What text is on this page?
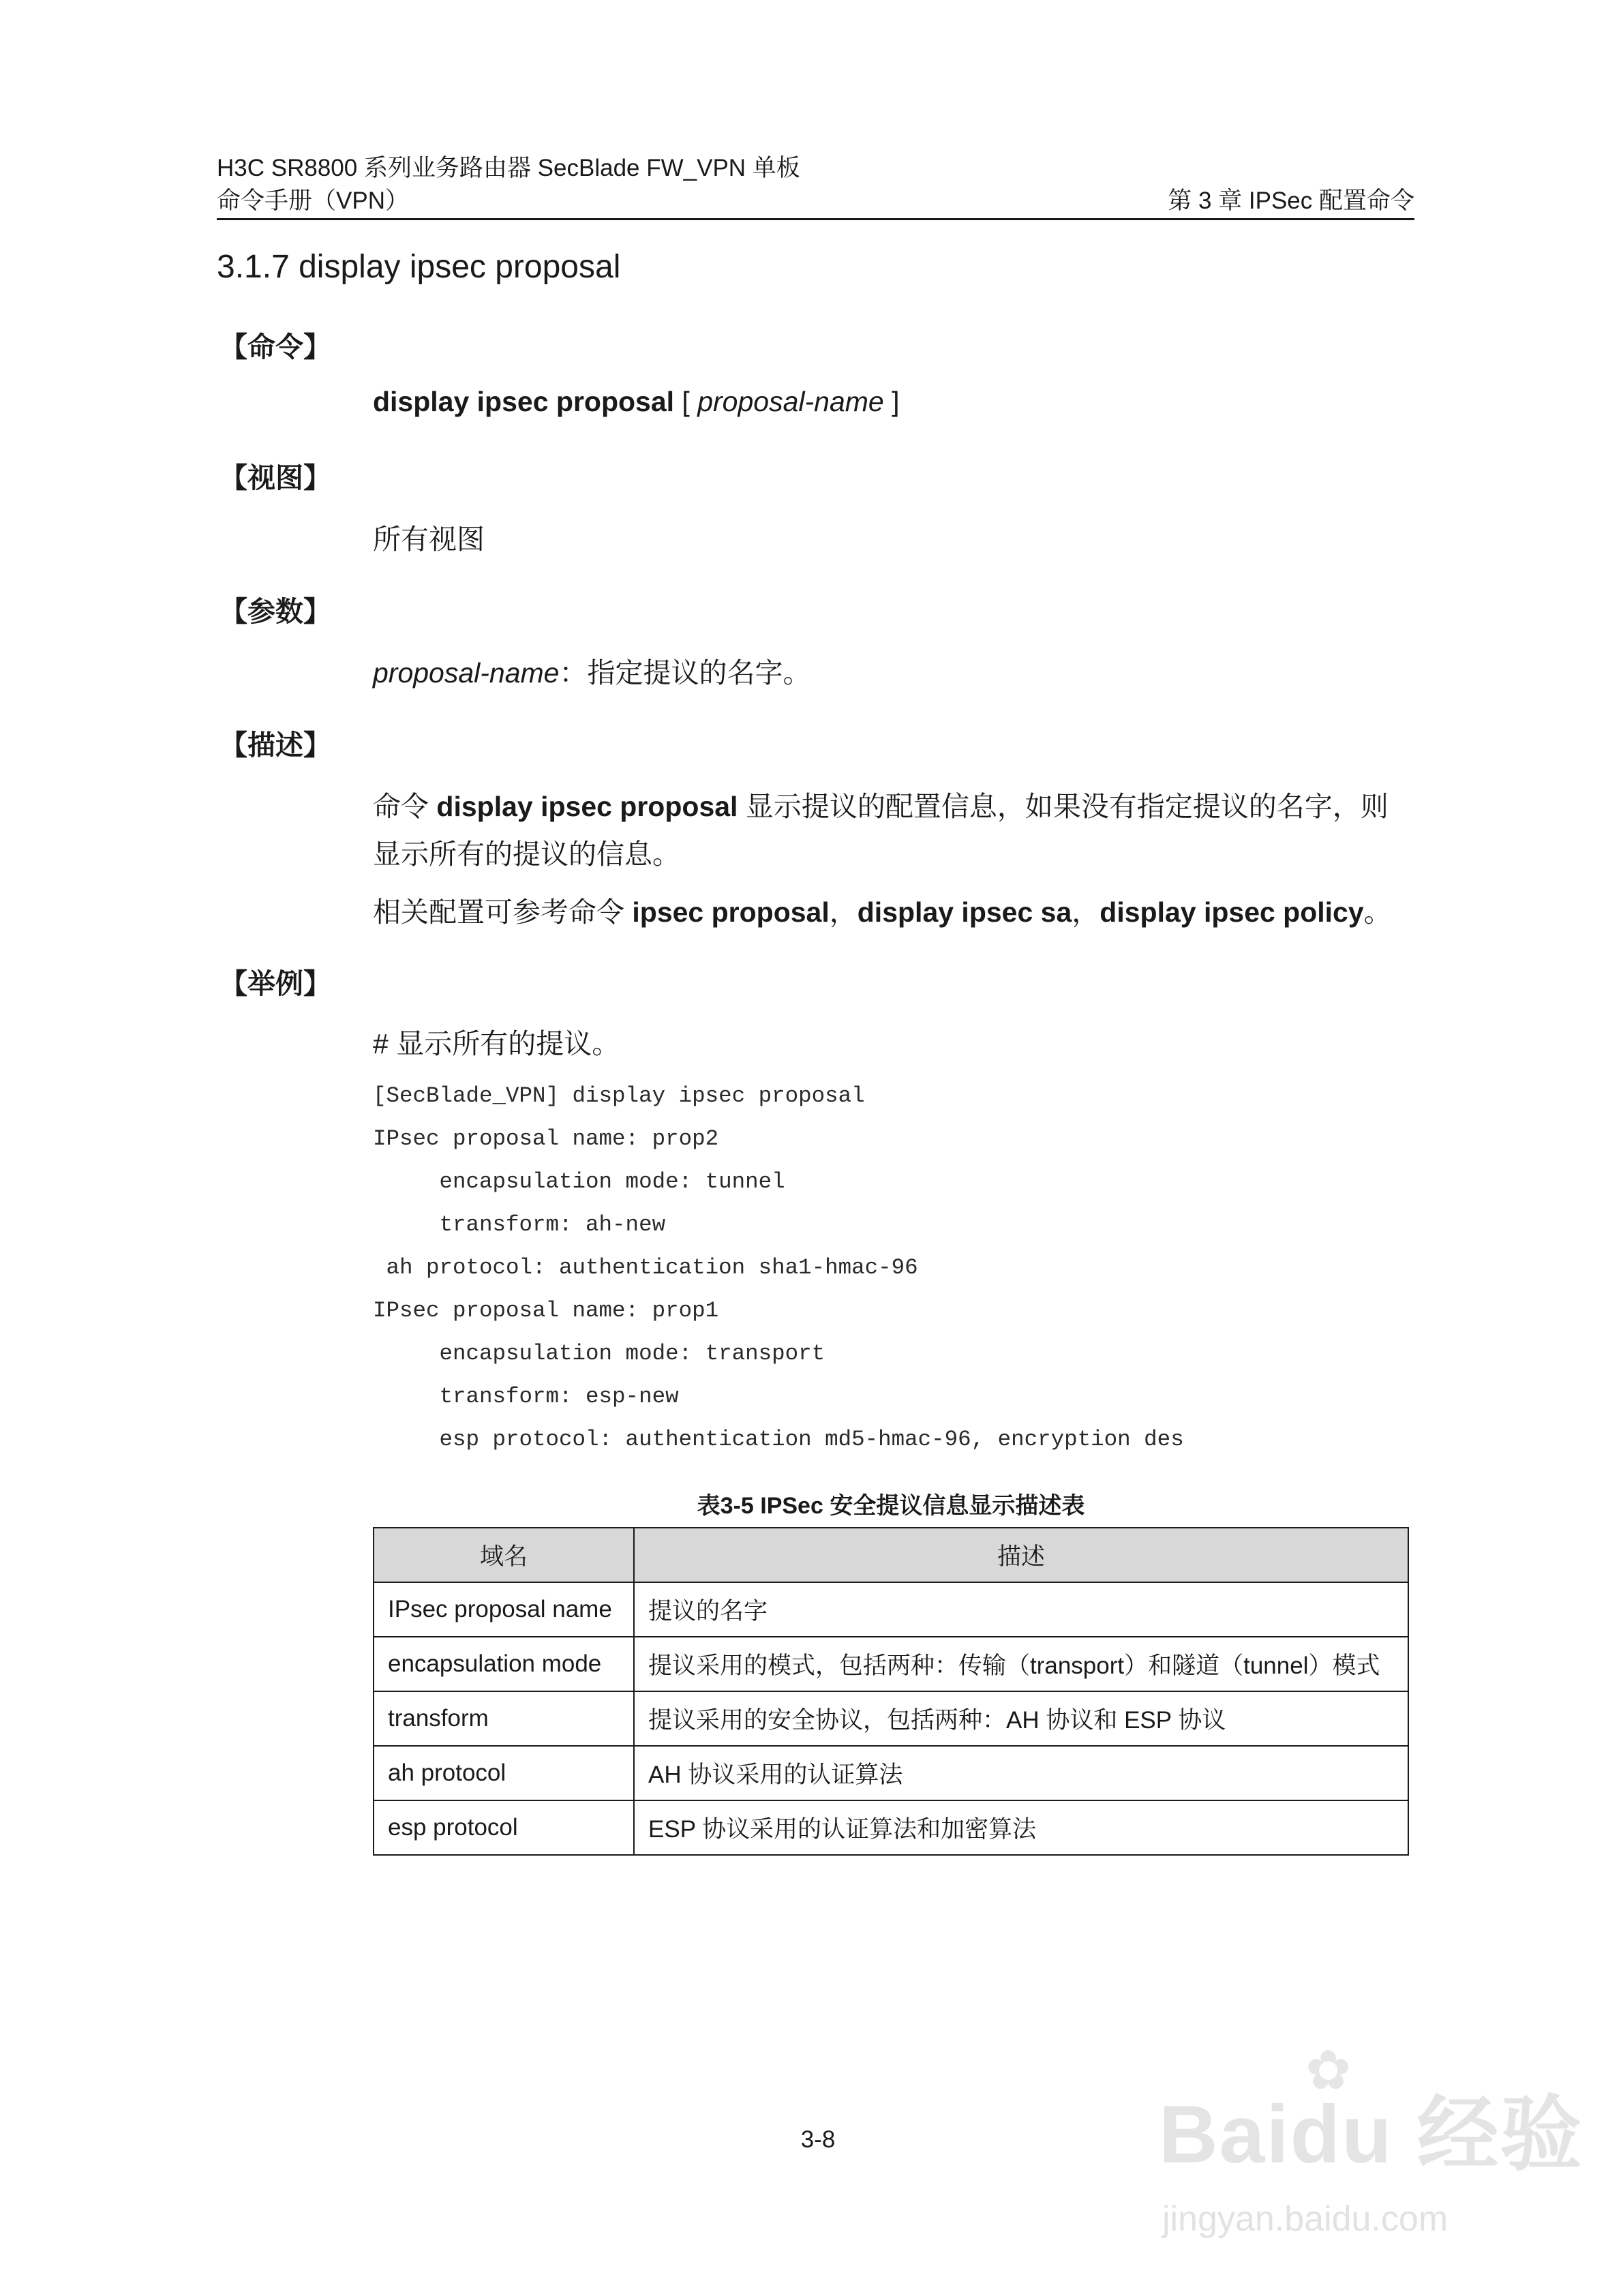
H3C SR8800 系列业务路由器 SecBlade FW_VPN 单板
命令手册（VPN）	第 3 章 IPSec 配置命令
3.1.7 display ipsec proposal
【命令】
display ipsec proposal [ proposal-name ]
【视图】
所有视图
【参数】
proposal-name：指定提议的名字。
【描述】
命令 display ipsec proposal 显示提议的配置信息，如果没有指定提议的名字，则
显示所有的提议的信息。
相关配置可参考命令 ipsec proposal，display ipsec sa，display ipsec policy。
【举例】
# 显示所有的提议。
[SecBlade_VPN] display ipsec proposal
IPsec proposal name: prop2
encapsulation mode: tunnel
transform: ah-new
ah protocol: authentication sha1-hmac-96
IPsec proposal name: prop1
encapsulation mode: transport
transform: esp-new
esp protocol: authentication md5-hmac-96, encryption des
表3-5 IPSec 安全提议信息显示描述表
域名	描述
IPsec proposal name	提议的名字
encapsulation mode	提议采用的模式，包括两种：传输（transport）和隧道（tunnel）模式
transform	提议采用的安全协议，包括两种：AH 协议和 ESP 协议
ah protocol	AH 协议采用的认证算法
esp protocol	ESP 协议采用的认证算法和加密算法
3-8
✿
Baidu 经验
jingyan.baidu.com
